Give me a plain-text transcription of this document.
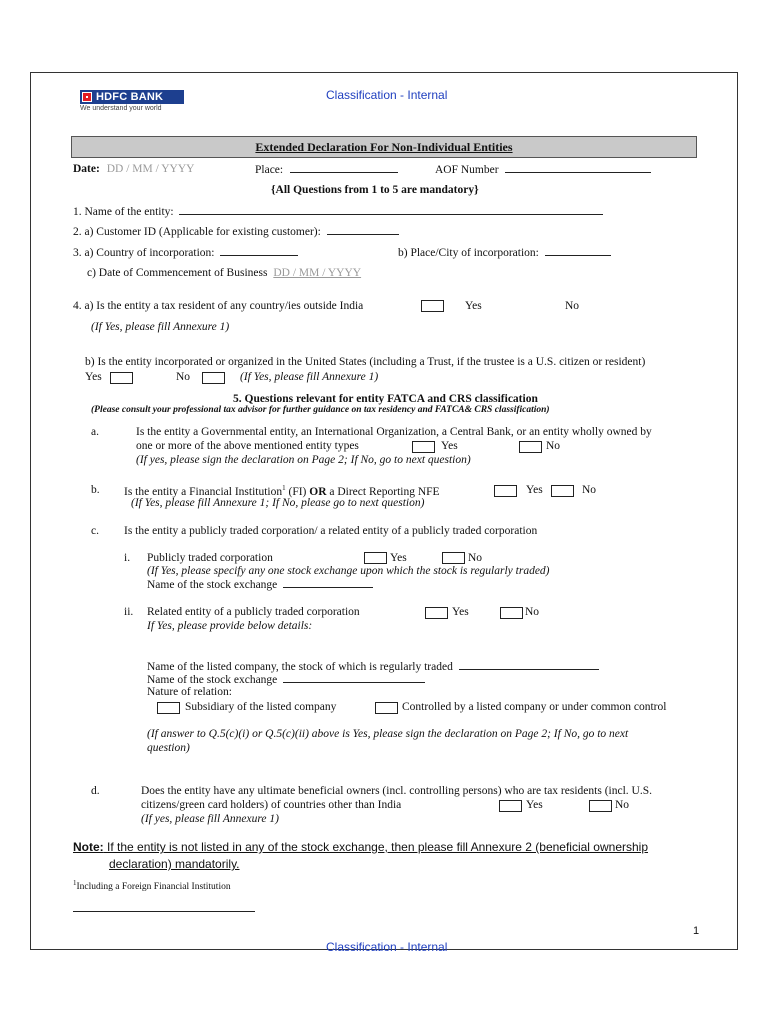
HDFC BANK
We understand your world
Classification - Internal
Extended Declaration For Non-Individual Entities
Date: DD / MM / YYYY	Place:	AOF Number
{All Questions from 1 to 5 are mandatory}
1. Name of the entity:
2. a) Customer ID (Applicable for existing customer):
3. a) Country of incorporation:	b) Place/City of incorporation:
c) Date of Commencement of Business DD / MM / YYYY
4. a) Is the entity a tax resident of any country/ies outside India	Yes	No
(If Yes, please fill Annexure 1)
b) Is the entity incorporated or organized in the United States (including a Trust, if the trustee is a U.S. citizen or resident)
Yes	No	(If Yes, please fill Annexure 1)
5. Questions relevant for entity FATCA and CRS classification
(Please consult your professional tax advisor for further guidance on tax residency and FATCA& CRS classification)
a.	Is the entity a Governmental entity, an International Organization, a Central Bank, or an entity wholly owned by
one or more of the above mentioned entity types	Yes	No
(If yes, please sign the declaration on Page 2; If No, go to next question)
b. Is the entity a Financial Institution$^1$ (FI) OR a Direct Reporting NFE	Yes	No
(If Yes, please fill Annexure 1; If No, please go to next question)
c. Is the entity a publicly traded corporation/ a related entity of a publicly traded corporation
i. Publicly traded corporation	Yes	No
(If Yes, please specify any one stock exchange upon which the stock is regularly traded)
Name of the stock exchange
ii. Related entity of a publicly traded corporation	Yes	No
If Yes, please provide below details:
Name of the listed company, the stock of which is regularly traded
Name of the stock exchange
Nature of relation:
Subsidiary of the listed company	Controlled by a listed company or under common control
(If answer to Q.5(c)(i) or Q.5(c)(ii) above is Yes, please sign the declaration on Page 2; If No, go to next
question)
d.	Does the entity have any ultimate beneficial owners (incl. controlling persons) who are tax residents (incl. U.S.
citizens/green card holders) of countries other than India	Yes	No
(If yes, please fill Annexure 1)
Note: If the entity is not listed in any of the stock exchange, then please fill Annexure 2 (beneficial ownership
declaration) mandatorily.
$^1$Including a Foreign Financial Institution
1
Classification - Internal
